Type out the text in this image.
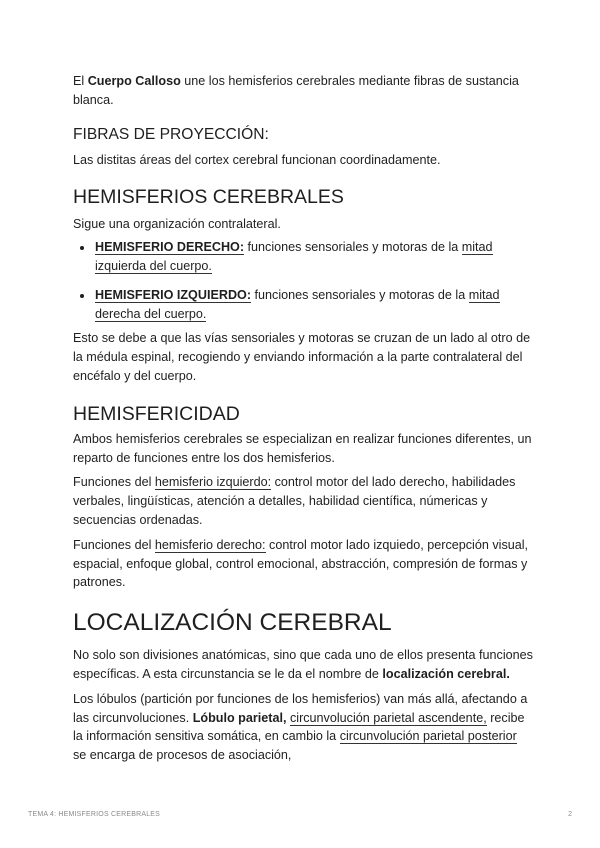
El Cuerpo Calloso une los hemisferios cerebrales mediante fibras de sustancia blanca.

FIBRAS DE PROYECCIÓN:

Las distitas áreas del cortex cerebral funcionan coordinadamente.

HEMISFERIOS CEREBRALES

Sigue una organización contralateral.

HEMISFERIO DERECHO: funciones sensoriales y motoras de la mitad izquierda del cuerpo.
HEMISFERIO IZQUIERDO: funciones sensoriales y motoras de la mitad derecha del cuerpo.

Esto se debe a que las vías sensoriales y motoras se cruzan de un lado al otro de la médula espinal, recogiendo y enviando información a la parte contralateral del encéfalo y del cuerpo.

HEMISFERICIDAD

Ambos hemisferios cerebrales se especializan en realizar funciones diferentes, un reparto de funciones entre los dos hemisferios.

Funciones del hemisferio izquierdo: control motor del lado derecho, habilidades verbales, lingüísticas, atención a detalles, habilidad científica, númericas y secuencias ordenadas.

Funciones del hemisferio derecho: control motor lado izquiedo, percepción visual, espacial, enfoque global, control emocional, abstracción, compresión de formas y patrones.

LOCALIZACIÓN CEREBRAL

No solo son divisiones anatómicas, sino que cada uno de ellos presenta funciones específicas. A esta circunstancia se le da el nombre de localización cerebral.

Los lóbulos (partición por funciones de los hemisferios) van más allá, afectando a las circunvoluciones. Lóbulo parietal, circunvolución parietal ascendente, recibe la información sensitiva somática, en cambio la circunvolución parietal posterior se encarga de procesos de asociación,

TEMA 4: HEMISFERIOS CEREBRALES	2
